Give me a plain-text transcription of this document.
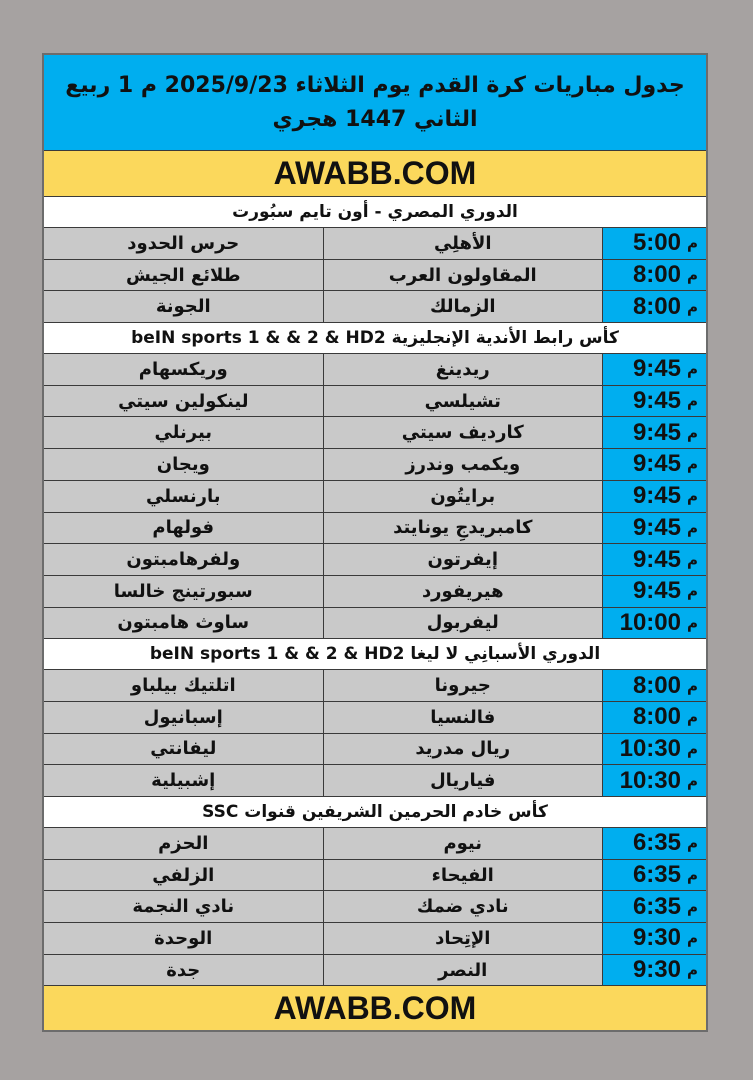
جدول مباريات كرة القدم يوم الثلاثاء 2025/9/23 م 1 ربيع
الثاني 1447 هجري
AWABB.COM
الدوري المصري - أون تايم سبُورت
م
5:00
الأهلِي
حرس الحدود
م
8:00
المقاولون العرب
طلائع الجيش
م
8:00
الزمالك
الجونة
كأس رابط الأندية الإنجليزية beIN sports 1 & & 2 & HD2
م
9:45
ريدينغ
وريكسهام
م
9:45
تشيلسي
لينكولين سيتي
م
9:45
كارديف سيتي
بيرنلي
م
9:45
ويكمب وندرز
ويجان
م
9:45
برايتُون
بارنسلي
م
9:45
كامبريدجِ يونايتد
فولهام
م
9:45
إيفرتون
ولفرهامبتون
م
9:45
هيريفورد
سبورتينج خالسا
م
10:00
ليفربول
ساوث هامبتون
الدوري الأسبانِي لا ليغا beIN sports 1 & & 2 & HD2
م
8:00
جيرونا
اتلتيك بيلباو
م
8:00
فالنسيا
إسبانيول
م
10:30
ريال مدريد
ليفانتي
م
10:30
فياريال
إشبيلية
كأس خادم الحرمين الشريفين قنوات SSC
م
6:35
نيوم
الحزم
م
6:35
الفيحاء
الزلفي
م
6:35
نادي ضمك
نادي النجمة
م
9:30
الإتِحاد
الوحدة
م
9:30
النصر
جدة
AWABB.COM
